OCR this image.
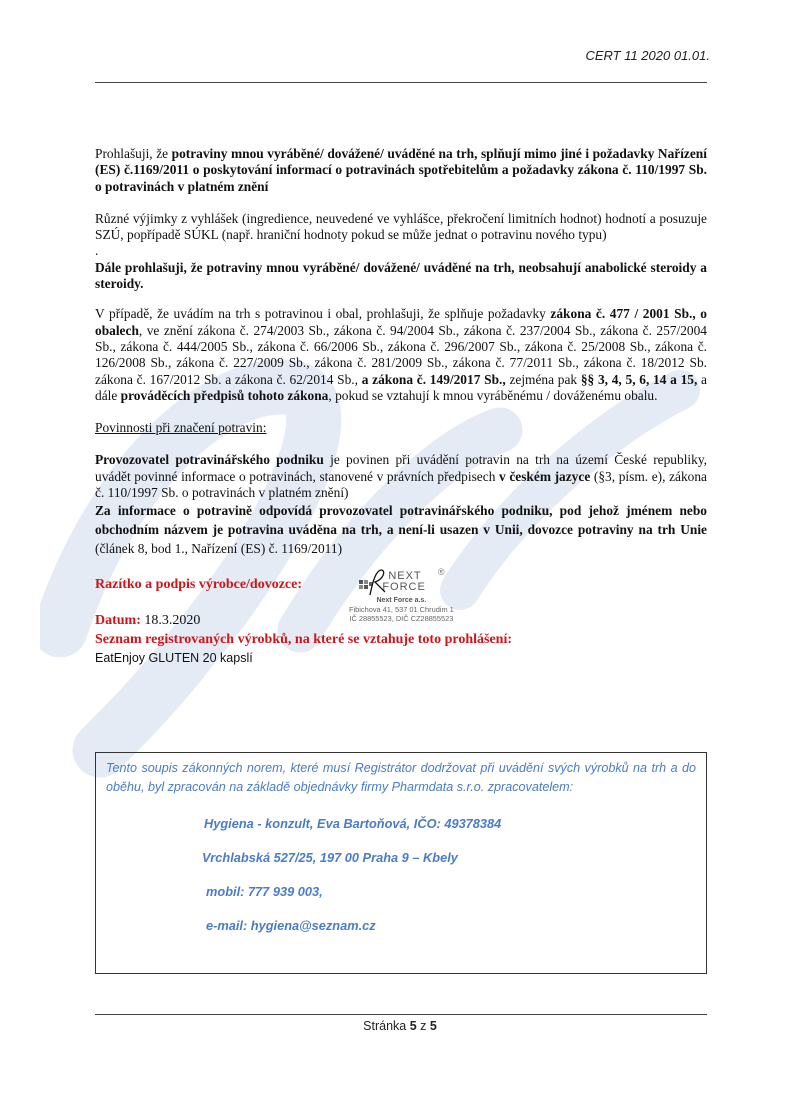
CERT 11 2020 01.01.

Prohlašuji, že potraviny mnou vyráběné/ dovážené/ uváděné na trh, splňují mimo jiné i požadavky Nařízení (ES) č.1169/2011 o poskytování informací o potravinách spotřebitelům a požadavky zákona č. 110/1997 Sb. o potravinách v platném znění

Různé výjimky z vyhlášek (ingredience, neuvedené ve vyhlášce, překročení limitních hodnot) hodnotí a posuzuje SZÚ, popřípadě SÚKL (např. hraniční hodnoty pokud se může jednat o potravinu nového typu)

.

Dále prohlašuji, že potraviny mnou vyráběné/ dovážené/ uváděné na trh, neobsahují anabolické steroidy a steroidy.

V případě, že uvádím na trh s potravinou i obal, prohlašuji, že splňuje požadavky zákona č. 477 / 2001 Sb., o obalech, ve znění zákona č. 274/2003 Sb., zákona č. 94/2004 Sb., zákona č. 237/2004 Sb., zákona č. 257/2004 Sb., zákona č. 444/2005 Sb., zákona č. 66/2006 Sb., zákona č. 296/2007 Sb., zákona č. 25/2008 Sb., zákona č. 126/2008 Sb., zákona č. 227/2009 Sb., zákona č. 281/2009 Sb., zákona č. 77/2011 Sb., zákona č. 18/2012 Sb. zákona č. 167/2012 Sb. a zákona č. 62/2014 Sb., a zákona č. 149/2017 Sb., zejména pak §§ 3, 4, 5, 6, 14 a 15, a dále prováděcích předpisů tohoto zákona, pokud se vztahují k mnou vyráběnému / dováženému obalu.

Povinnosti při značení potravin:

Provozovatel potravinářského podniku je povinen při uvádění potravin na trh na území České republiky, uvádět povinné informace o potravinách, stanovené v právních předpisech v českém jazyce (§3, písm. e), zákona č. 110/1997 Sb. o potravinách v platném znění)

Za informace o potravině odpovídá provozovatel potravinářského podniku, pod jehož jménem nebo obchodním názvem je potravina uváděna na trh, a není-li usazen v Unii, dovozce potraviny na trh Unie (článek 8, bod 1., Nařízení (ES) č. 1169/2011)

Razítko a podpis výrobce/dovozce:
Datum: 18.3.2020
NEXT
FORCE
®
Next Force a.s.
Fibichova 41, 537 01 Chrudim 1
IČ 28855523, DIČ CZ28855523
Seznam registrovaných výrobků, na které se vztahuje toto prohlášení:
EatEnjoy GLUTEN 20 kapslí

Tento soupis zákonných norem, které musí Registrátor dodržovat při uvádění svých výrobků na trh a do oběhu, byl zpracován na základě objednávky firmy Pharmdata s.r.o. zpracovatelem:

Hygiena - konzult, Eva Bartoňová, IČO: 49378384
Vrchlabská 527/25, 197 00 Praha 9 – Kbely
mobil: 777 939 003,
e-mail: hygiena@seznam.cz
Stránka 5 z 5
